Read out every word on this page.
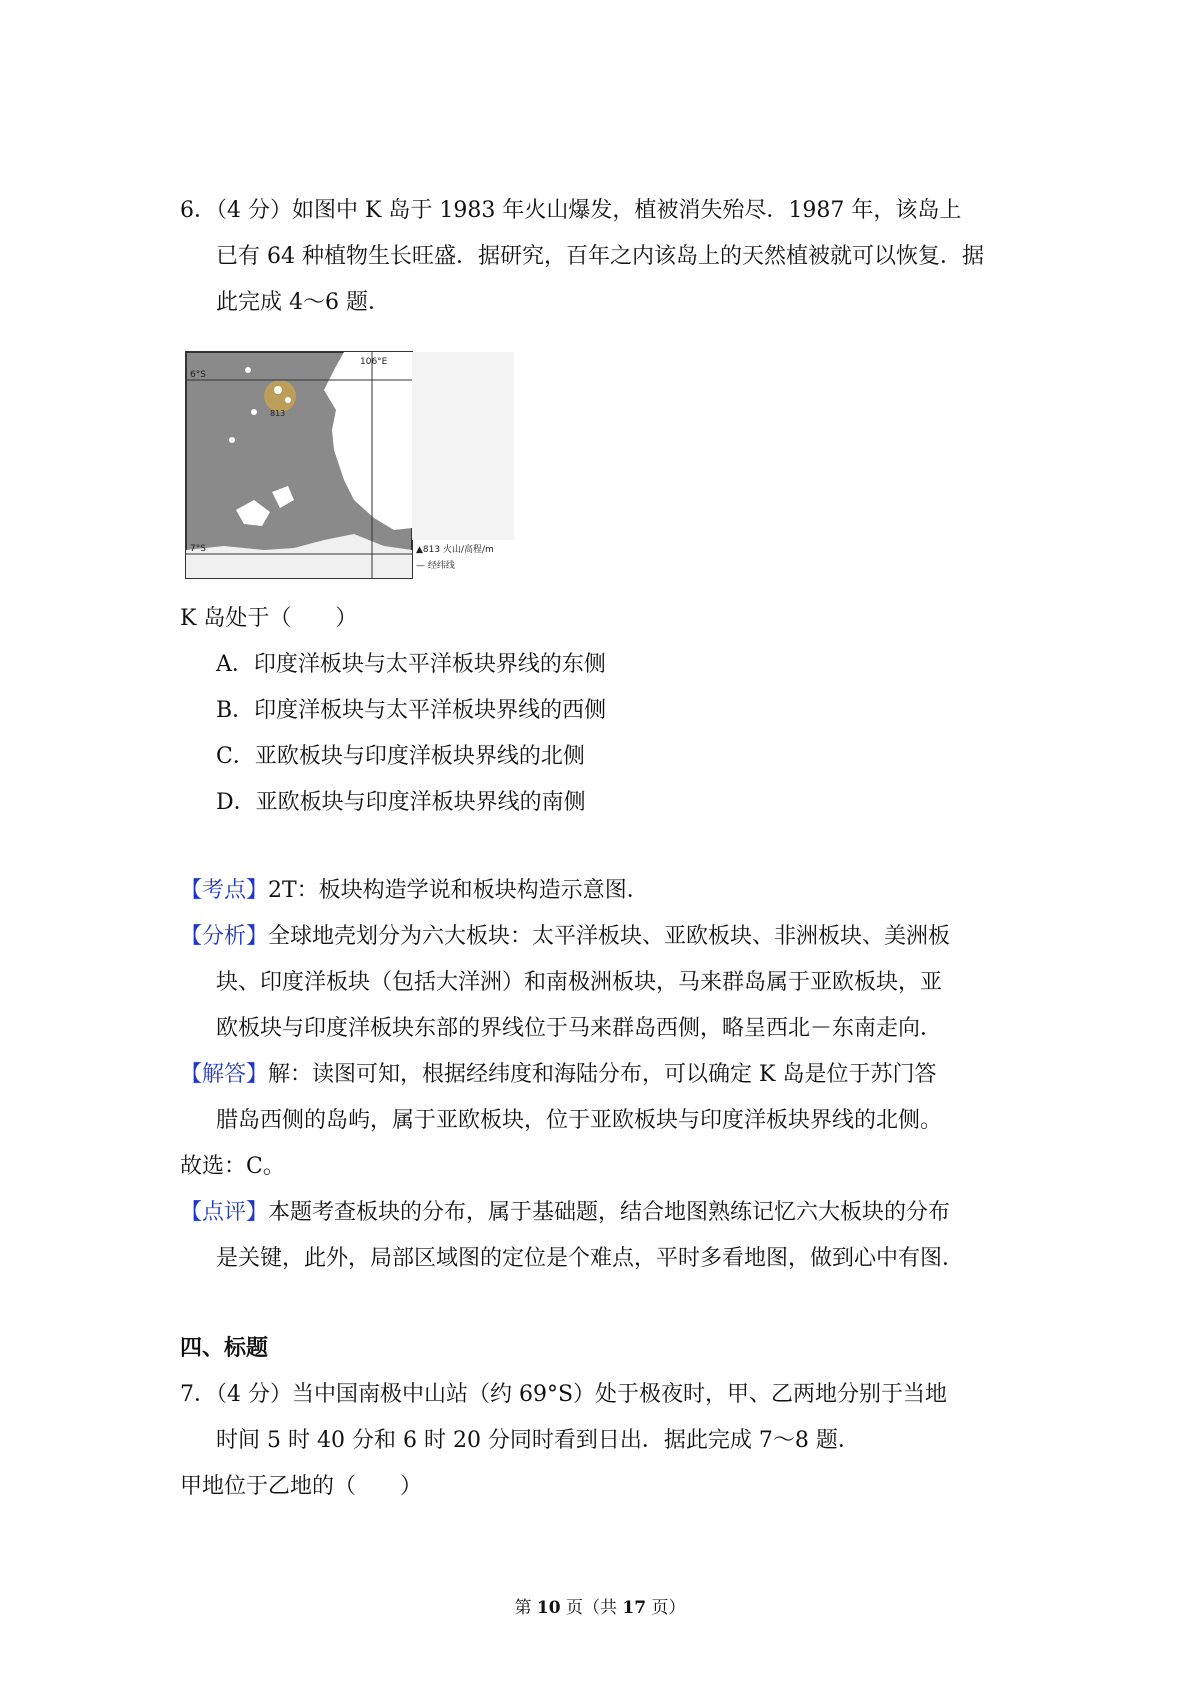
6．（4 分）如图中 K 岛于 1983 年火山爆发，植被消失殆尽．1987 年，该岛上
已有 64 种植物生长旺盛．据研究，百年之内该岛上的天然植被就可以恢复．据
此完成 4～6 题．
106°E
6°S
7°S
813
▲813 火山/高程/m
— 经纬线
K 岛处于（　　）
A．印度洋板块与太平洋板块界线的东侧
B．印度洋板块与太平洋板块界线的西侧
C．亚欧板块与印度洋板块界线的北侧
D．亚欧板块与印度洋板块界线的南侧
【考点】2T：板块构造学说和板块构造示意图．
【分析】全球地壳划分为六大板块：太平洋板块、亚欧板块、非洲板块、美洲板
块、印度洋板块（包括大洋洲）和南极洲板块，马来群岛属于亚欧板块，亚
欧板块与印度洋板块东部的界线位于马来群岛西侧，略呈西北－东南走向．
【解答】解：读图可知，根据经纬度和海陆分布，可以确定 K 岛是位于苏门答
腊岛西侧的岛屿，属于亚欧板块，位于亚欧板块与印度洋板块界线的北侧。
故选：C。
【点评】本题考查板块的分布，属于基础题，结合地图熟练记忆六大板块的分布
是关键，此外，局部区域图的定位是个难点，平时多看地图，做到心中有图．
四、标题
7．（4 分）当中国南极中山站（约 69°S）处于极夜时，甲、乙两地分别于当地
时间 5 时 40 分和 6 时 20 分同时看到日出．据此完成 7～8 题．
甲地位于乙地的（　　）
第 10 页（共 17 页）
